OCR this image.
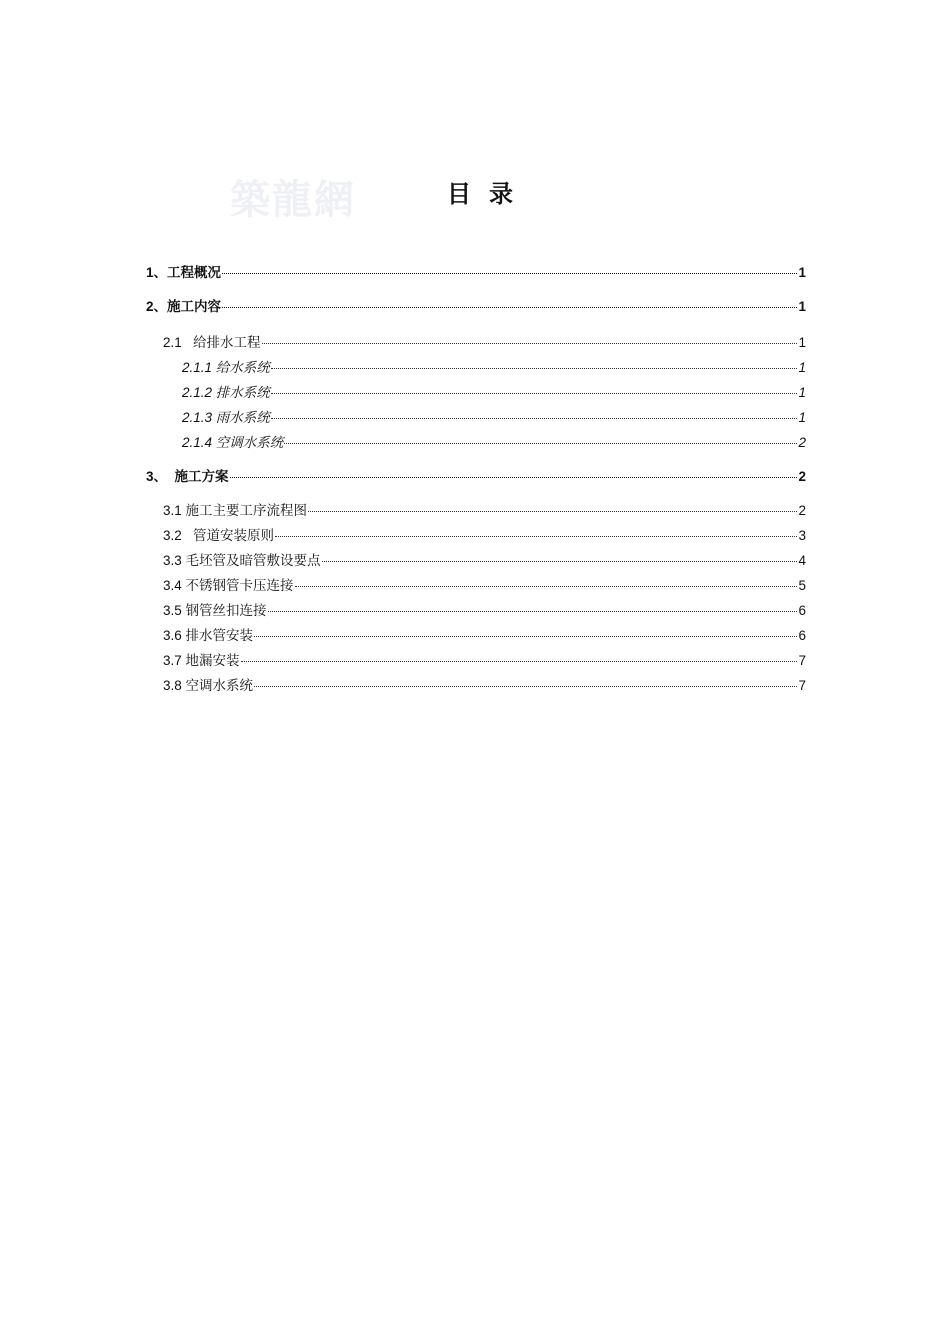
築龍網	目录
1、工程概况	1
2、施工内容	1
2.1 给排水工程	1
2.1.1 给水系统	1
2.1.2 排水系统	1
2.1.3 雨水系统	1
2.1.4 空调水系统	2
3、 施工方案	2
3.1 施工主要工序流程图	2
3.2 管道安装原则	3
3.3 毛坯管及暗管敷设要点	4
3.4 不锈钢管卡压连接	5
3.5 钢管丝扣连接	6
3.6 排水管安装	6
3.7 地漏安装	7
3.8 空调水系统	7
